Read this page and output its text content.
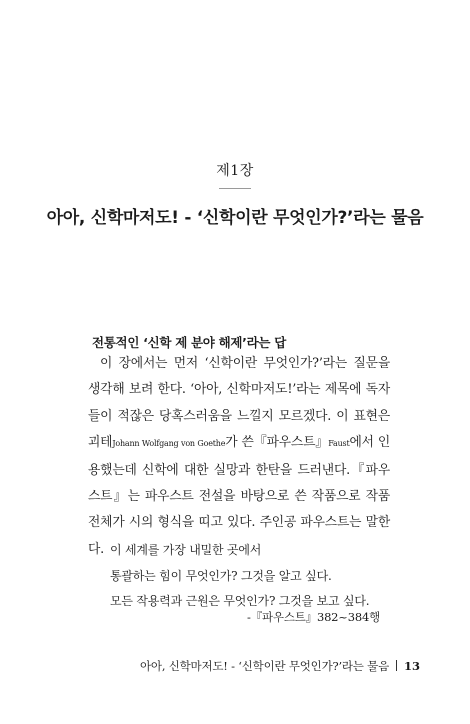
제1장
아아, 신학마저도! - ‘신학이란 무엇인가?’라는 물음
전통적인 ‘신학 제 분야 해제’라는 답
이 장에서는 먼저 ‘신학이란 무엇인가?’라는 질문을 생각해 보려 한다. ‘아아, 신학마저도!’라는 제목에 독자들이 적잖은 당혹스러움을 느낄지 모르겠다. 이 표현은 괴테Johann Wolfgang von Goethe가 쓴『파우스트』Faust에서 인용했는데 신학에 대한 실망과 한탄을 드러낸다.『파우스트』는 파우스트 전설을 바탕으로 쓴 작품으로 작품 전체가 시의 형식을 띠고 있다. 주인공 파우스트는 말한다. 이 세계를 가장 내밀한 곳에서
통괄하는 힘이 무엇인가? 그것을 알고 싶다.
모든 작용력과 근원은 무엇인가? 그것을 보고 싶다.
-『파우스트』382~384행
아아, 신학마저도! - ‘신학이란 무엇인가?’라는 물음 13
